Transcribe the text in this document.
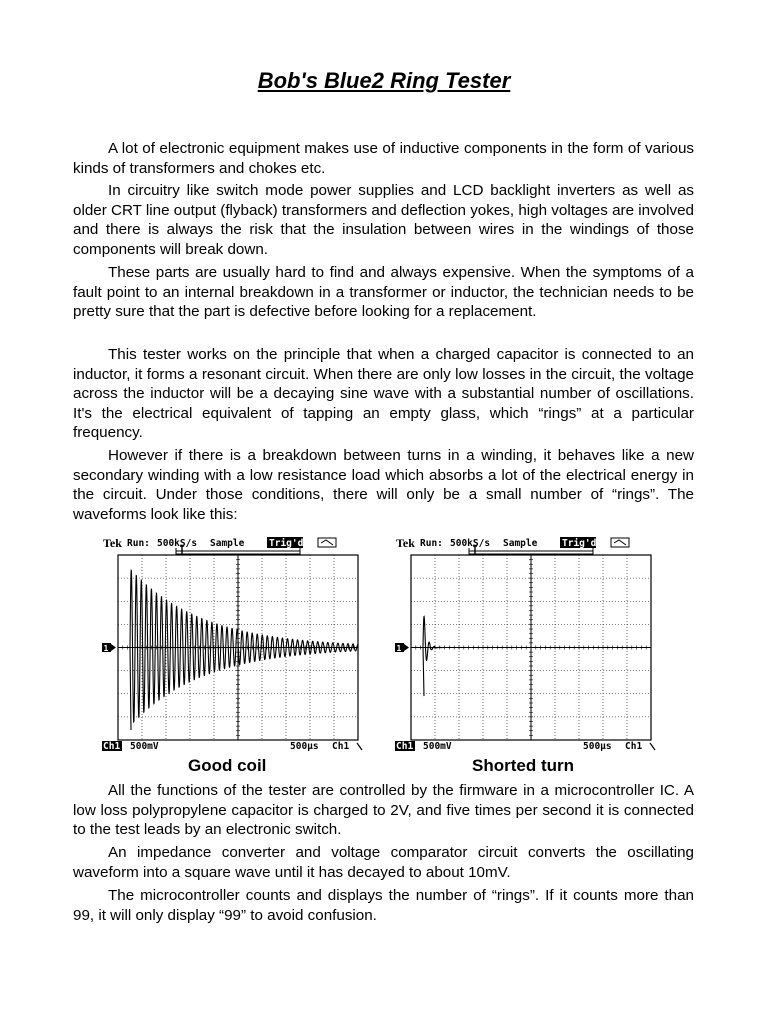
Bob's Blue2 Ring Tester

A lot of electronic equipment makes use of inductive components in the form of various kinds of transformers and chokes etc.

In circuitry like switch mode power supplies and LCD backlight inverters as well as older CRT line output (flyback) transformers and deflection yokes, high voltages are involved and there is always the risk that the insulation between wires in the windings of those components will break down.

These parts are usually hard to find and always expensive. When the symptoms of a fault point to an internal breakdown in a transformer or inductor, the technician needs to be pretty sure that the part is defective before looking for a replacement.

This tester works on the principle that when a charged capacitor is connected to an inductor, it forms a resonant circuit. When there are only low losses in the circuit, the voltage across the inductor will be a decaying sine wave with a substantial number of oscillations. It's the electrical equivalent of tapping an empty glass, which “rings” at a particular frequency.

However if there is a breakdown between turns in a winding, it behaves like a new secondary winding with a low resistance load which absorbs a lot of the electrical energy in the circuit. Under those conditions, there will only be a small number of “rings”. The waveforms look like this:

Tek Run: 500kS/s Sample	Trig'd
1
Ch1 500mV	500µs Ch1
Good coil
Tek Run: 500kS/s Sample	Trig'd
1
Ch1 500mV	500µs Ch1
Shorted turn

All the functions of the tester are controlled by the firmware in a microcontroller IC. A low loss polypropylene capacitor is charged to 2V, and five times per second it is connected to the test leads by an electronic switch.

An impedance converter and voltage comparator circuit converts the oscillating waveform into a square wave until it has decayed to about 10mV.

The microcontroller counts and displays the number of “rings”. If it counts more than 99, it will only display “99” to avoid confusion.
